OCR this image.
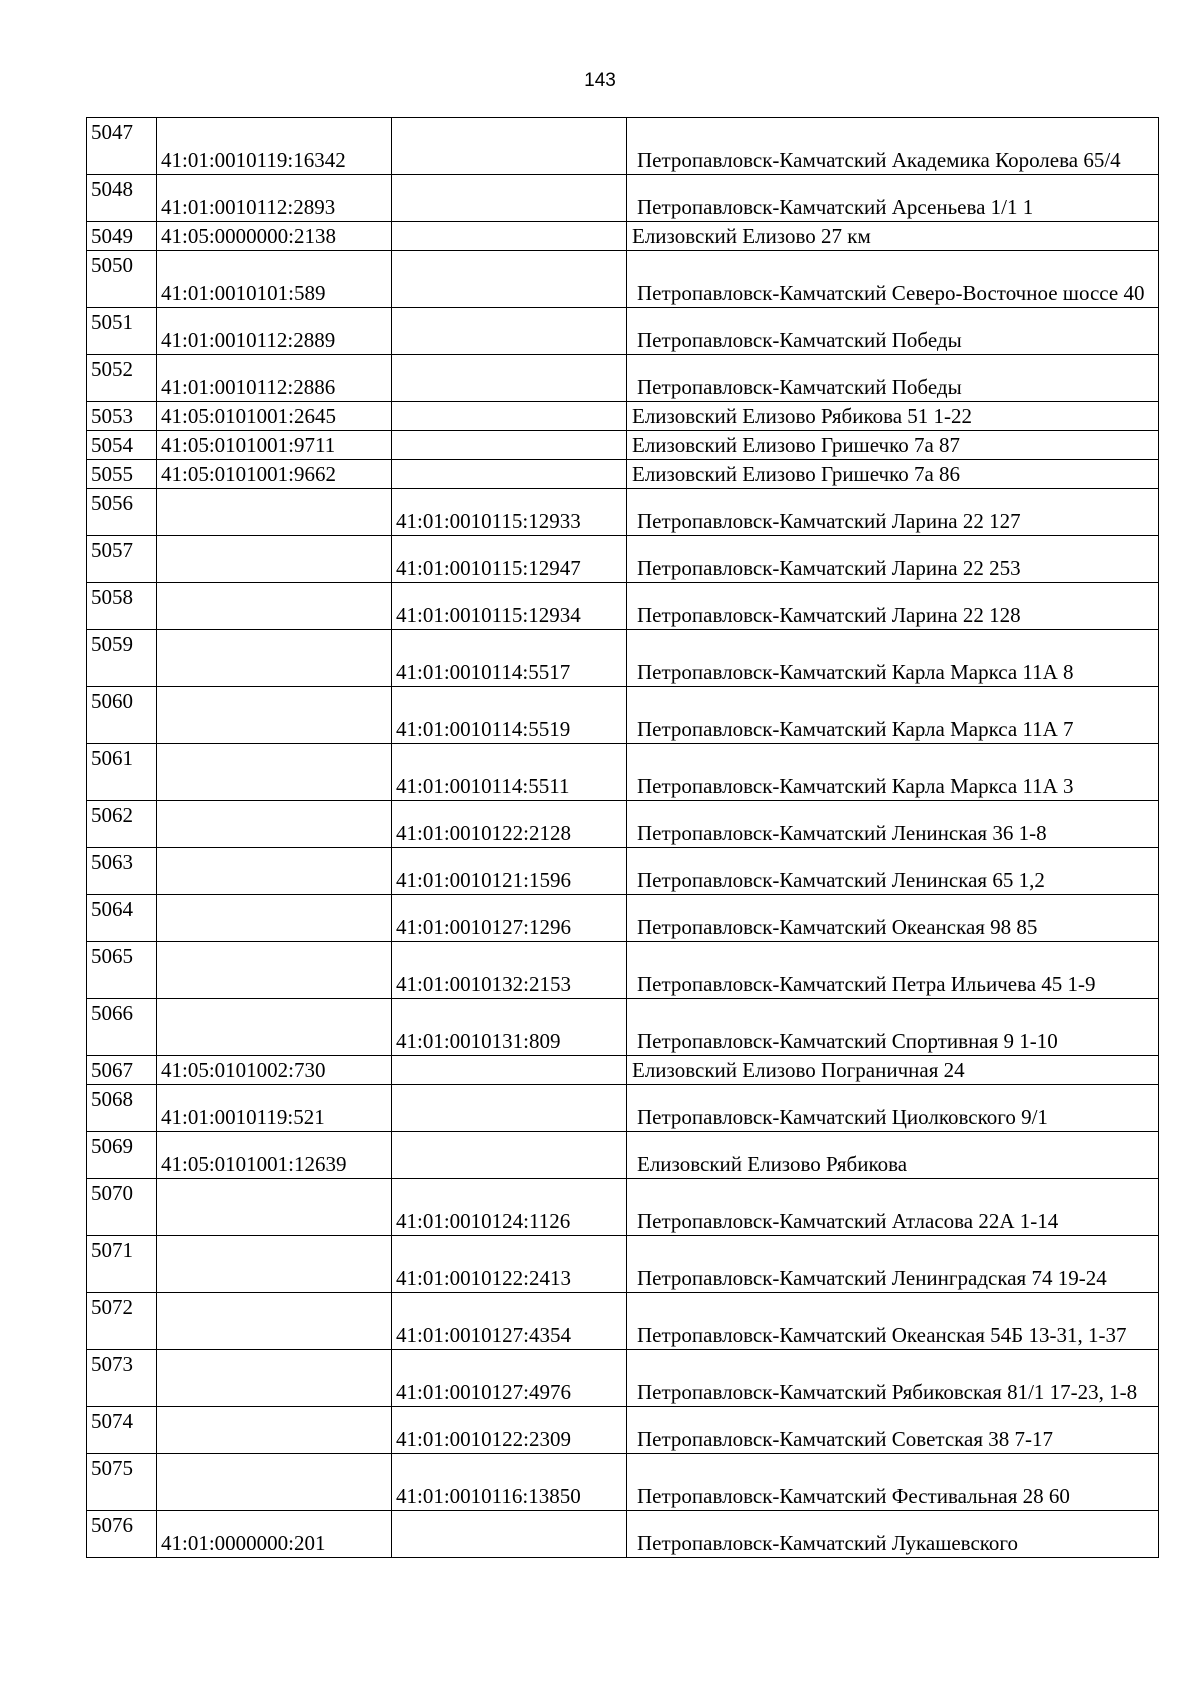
143
5047	41:01:0010119:16342		Петропавловск-Камчатский Академика Королева 65/4
5048	41:01:0010112:2893		Петропавловск-Камчатский Арсеньева 1/1 1
5049	41:05:0000000:2138		Елизовский Елизово 27 км
5050	41:01:0010101:589		Петропавловск-Камчатский Северо-Восточное шоссе 40
5051	41:01:0010112:2889		Петропавловск-Камчатский Победы
5052	41:01:0010112:2886		Петропавловск-Камчатский Победы
5053	41:05:0101001:2645		Елизовский Елизово Рябикова 51 1-22
5054	41:05:0101001:9711		Елизовский Елизово Гришечко 7а 87
5055	41:05:0101001:9662		Елизовский Елизово Гришечко 7а 86
5056		41:01:0010115:12933	Петропавловск-Камчатский Ларина 22 127
5057		41:01:0010115:12947	Петропавловск-Камчатский Ларина 22 253
5058		41:01:0010115:12934	Петропавловск-Камчатский Ларина 22 128
5059		41:01:0010114:5517	Петропавловск-Камчатский Карла Маркса 11А 8
5060		41:01:0010114:5519	Петропавловск-Камчатский Карла Маркса 11А 7
5061		41:01:0010114:5511	Петропавловск-Камчатский Карла Маркса 11А 3
5062		41:01:0010122:2128	Петропавловск-Камчатский Ленинская 36 1-8
5063		41:01:0010121:1596	Петропавловск-Камчатский Ленинская 65 1,2
5064		41:01:0010127:1296	Петропавловск-Камчатский Океанская 98 85
5065		41:01:0010132:2153	Петропавловск-Камчатский Петра Ильичева 45 1-9
5066		41:01:0010131:809	Петропавловск-Камчатский Спортивная 9 1-10
5067	41:05:0101002:730		Елизовский Елизово Пограничная 24
5068	41:01:0010119:521		Петропавловск-Камчатский Циолковского 9/1
5069	41:05:0101001:12639		Елизовский Елизово Рябикова
5070		41:01:0010124:1126	Петропавловск-Камчатский Атласова 22А 1-14
5071		41:01:0010122:2413	Петропавловск-Камчатский Ленинградская 74 19-24
5072		41:01:0010127:4354	Петропавловск-Камчатский Океанская 54Б 13-31, 1-37
5073		41:01:0010127:4976	Петропавловск-Камчатский Рябиковская 81/1 17-23, 1-8
5074		41:01:0010122:2309	Петропавловск-Камчатский Советская 38 7-17
5075		41:01:0010116:13850	Петропавловск-Камчатский Фестивальная 28 60
5076	41:01:0000000:201		Петропавловск-Камчатский Лукашевского
